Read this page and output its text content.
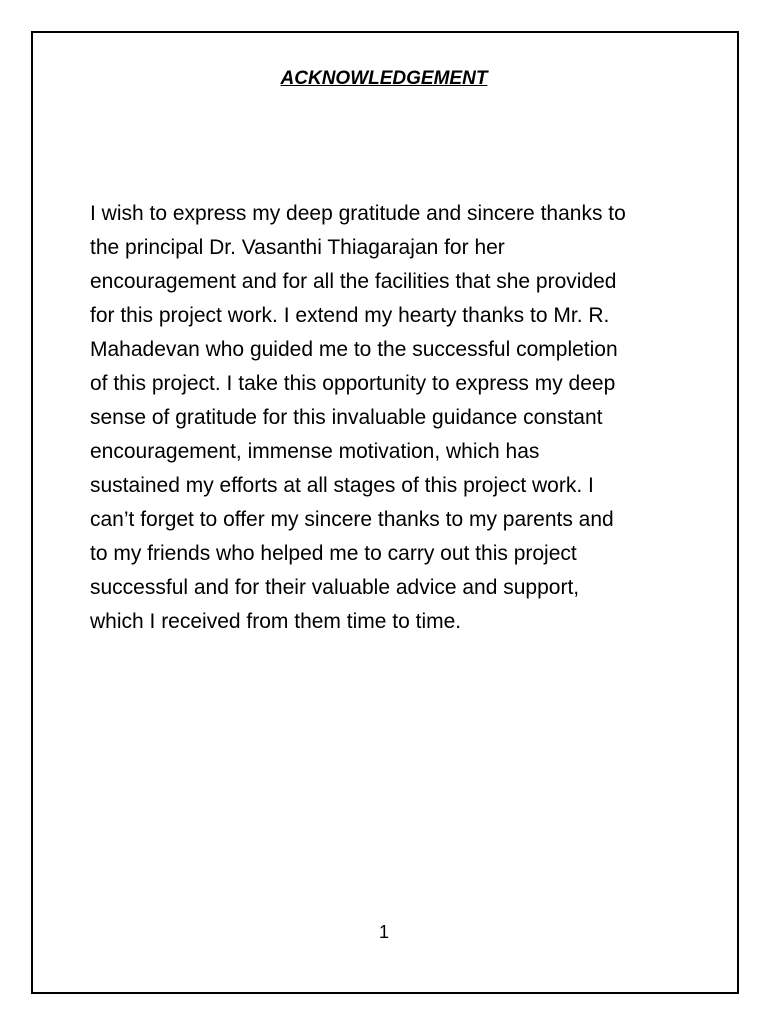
ACKNOWLEDGEMENT

I wish to express my deep gratitude and sincere thanks to
the principal Dr. Vasanthi Thiagarajan for her
encouragement and for all the facilities that she provided
for this project work. I extend my hearty thanks to Mr. R.
Mahadevan who guided me to the successful completion
of this project. I take this opportunity to express my deep
sense of gratitude for this invaluable guidance constant
encouragement, immense motivation, which has
sustained my efforts at all stages of this project work. I
can’t forget to offer my sincere thanks to my parents and
to my friends who helped me to carry out this project
successful and for their valuable advice and support,
which I received from them time to time.

1
